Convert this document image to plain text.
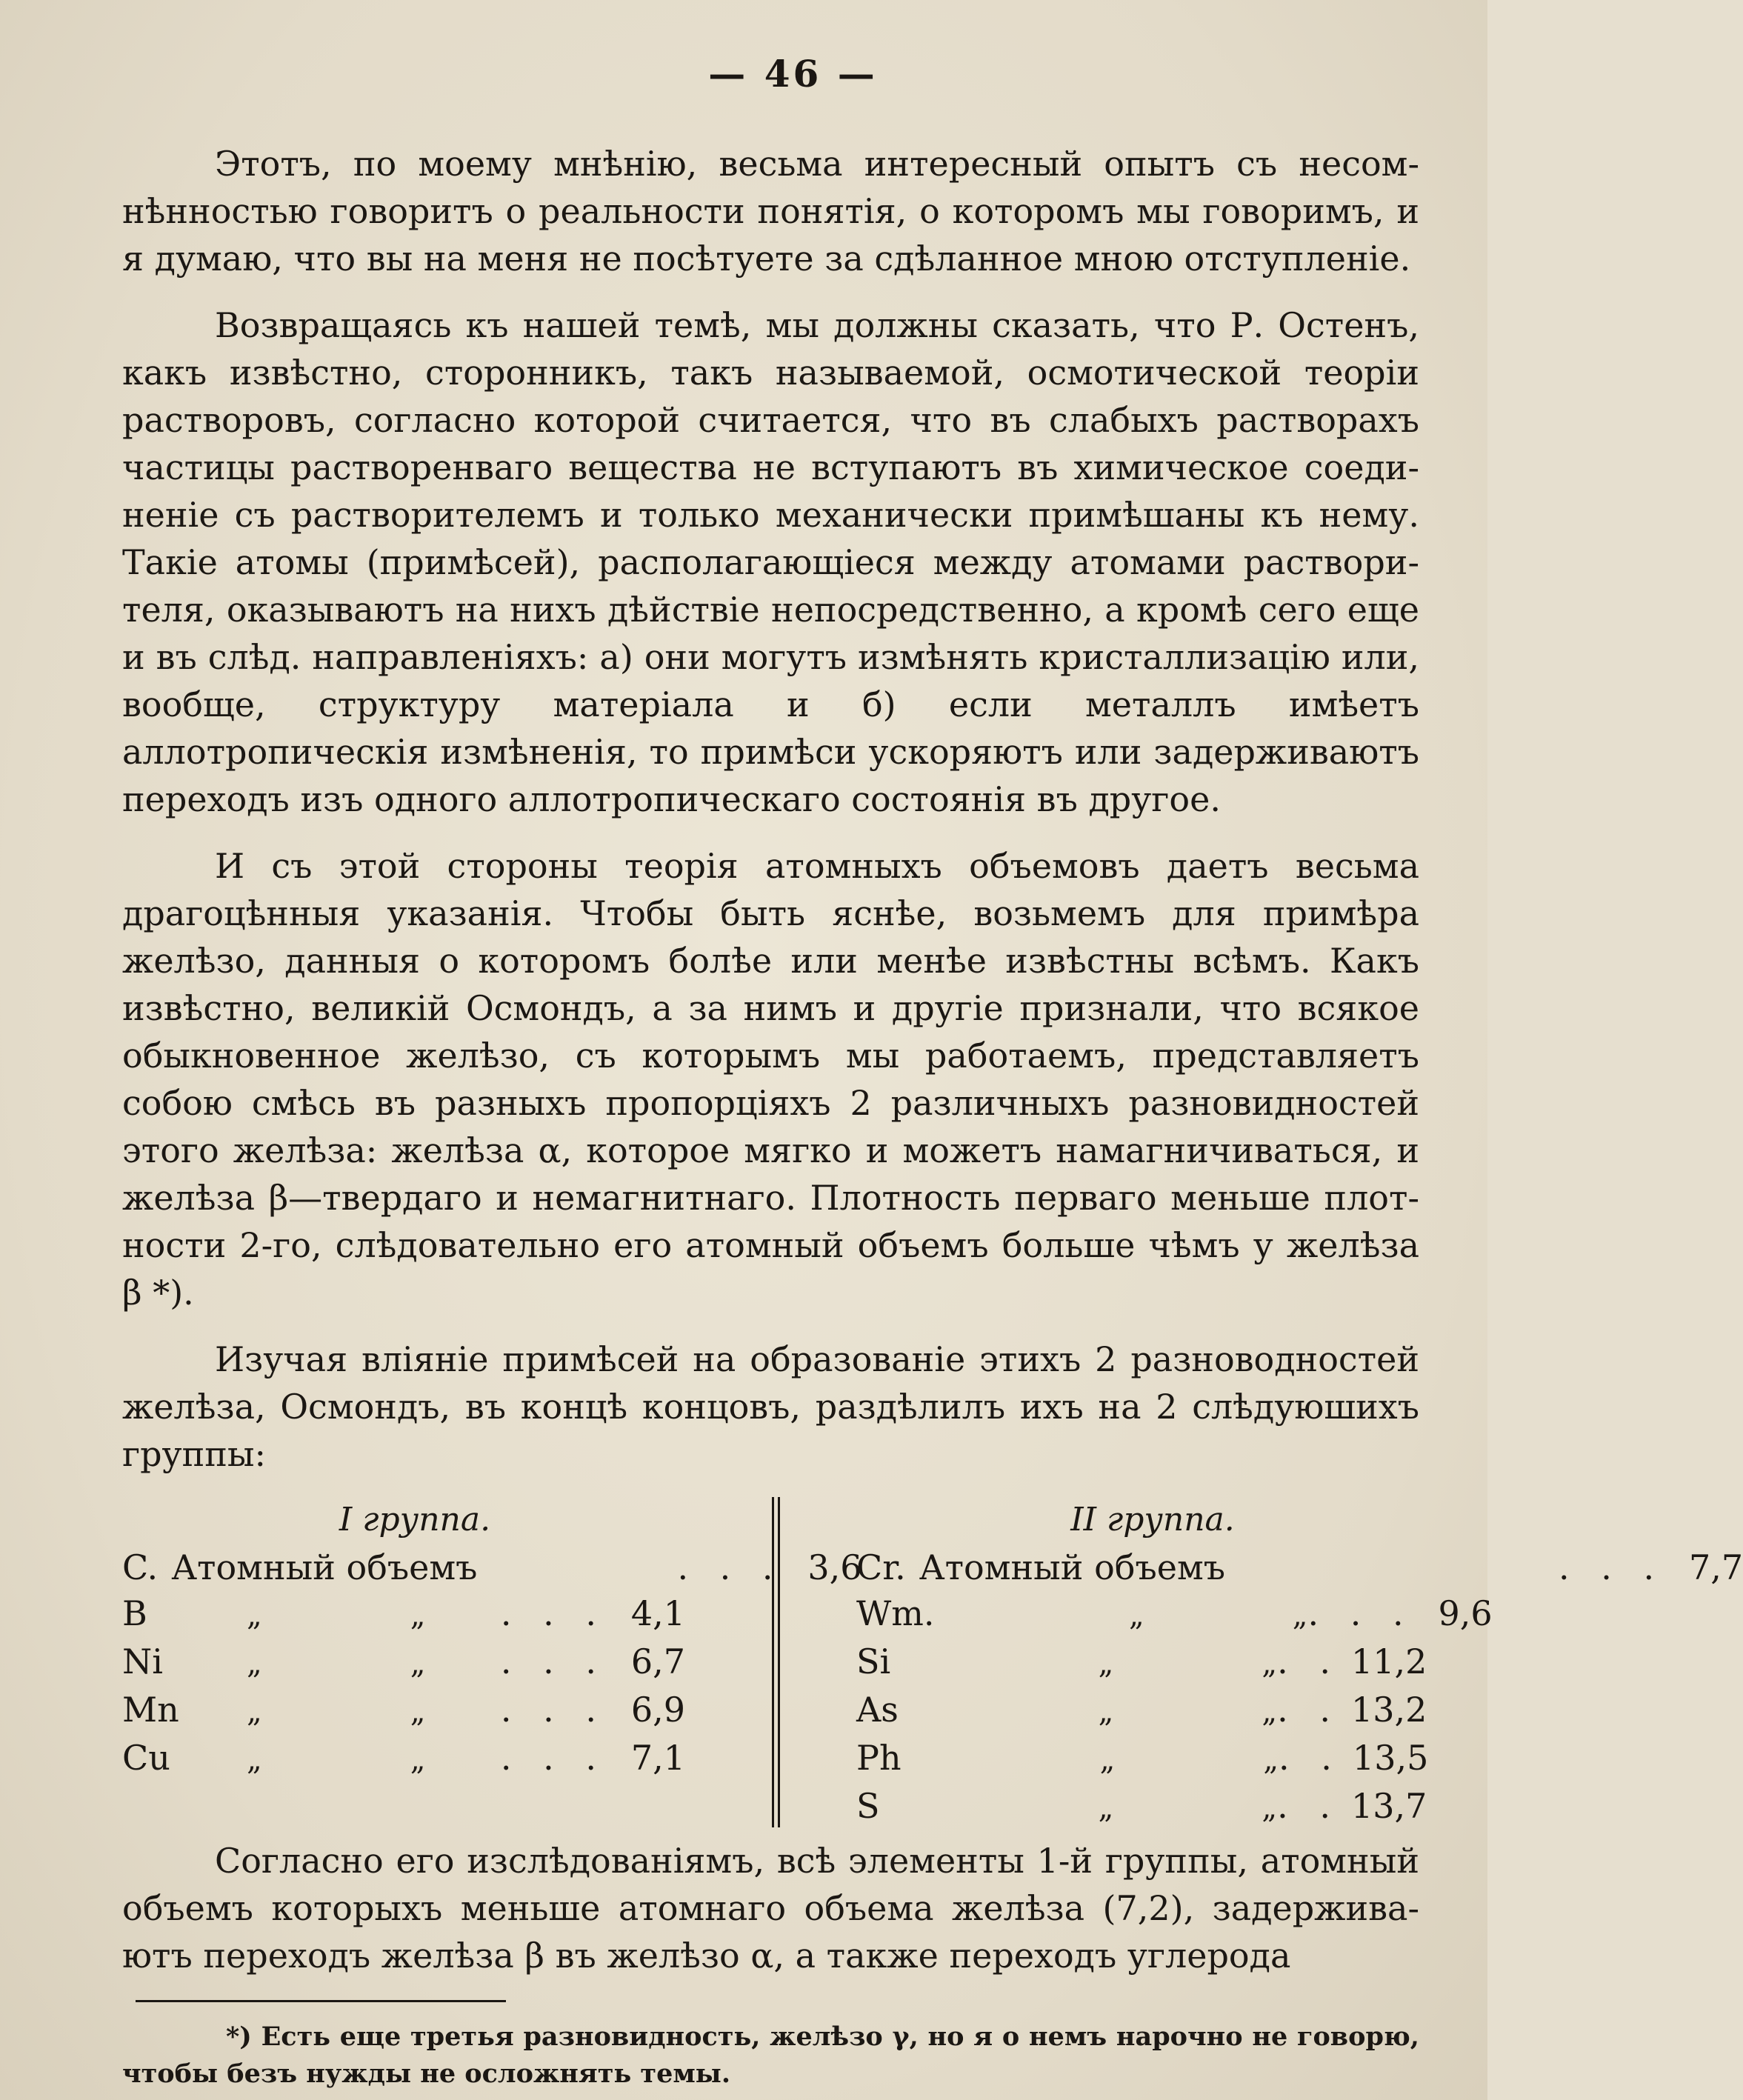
— 46 —

Этотъ, по моему мнѣнію, весьма интересный опытъ съ несомнѣнностью говоритъ о реальности понятія, о которомъ мы говоримъ, и я думаю, что вы на меня не посѣтуете за сдѣланное мною отступленіе.

Возвращаясь къ нашей темѣ, мы должны сказать, что Р. Остенъ, какъ извѣстно, сторонникъ, такъ называемой, осмотической теоріи растворовъ, согласно которой считается, что въ слабыхъ растворахъ частицы растворенваго вещества не вступаютъ въ химическое соединеніе съ растворителемъ и только механически примѣшаны къ нему. Такіе атомы (примѣсей), располагающіеся между атомами растворителя, оказываютъ на нихъ дѣйствіе непосредственно, а кромѣ сего еще и въ слѣд. направленіяхъ: а) они могутъ измѣнять кристаллизацію или, вообще, структуру матеріала и б) если металлъ имѣетъ аллотропическія измѣненія, то примѣси ускоряютъ или задерживаютъ переходъ изъ одного аллотропическаго состоянія въ другое.

И съ этой стороны теорія атомныхъ объемовъ даетъ весьма драгоцѣнныя указанія. Чтобы быть яснѣе, возьмемъ для примѣра желѣзо, данныя о которомъ болѣе или менѣе извѣстны всѣмъ. Какъ извѣстно, великій Осмондъ, а за нимъ и другіе признали, что всякое обыкновенное желѣзо, съ которымъ мы работаемъ, представляетъ собою смѣсь въ разныхъ пропорціяхъ 2 различныхъ разновидностей этого желѣза: желѣза α, которое мягко и можетъ намагничиваться, и желѣза β—твердаго и немагнитнаго. Плотность перваго меньше плотности 2-го, слѣдовательно его атомный объемъ больше чѣмъ у желѣза β *).

Изучая вліяніе примѣсей на образованіе этихъ 2 разноводностей желѣза, Осмондъ, въ концѣ концовъ, раздѣлилъ ихъ на 2 слѣдуюшихъ группы:

I группа.
C. Атомный объемъ	. . . 3,6
B	„	„	. . . 4,1
Ni	„	„	. . . 6,7
Mn „	„	. . . 6,9
Cu	„	„	. . . 7,1
II группа.
Cr. Атомный объемъ	. . . 7,7
Wm.	„	„ . . . 9,6
Si	„	„ . . 11,2
As	„	„ . . 13,2
Ph	„	„ . . 13,5
S	„	„ . . 13,7

Согласно его изслѣдованіямъ, всѣ элементы 1-й группы, атомный объемъ которыхъ меньше атомнаго объема желѣза (7,2), задерживаютъ переходъ желѣза β въ желѣзо α, а также переходъ углерода

*) Есть еще третья разновидность, желѣзо γ, но я о немъ нарочно не говорю, чтобы безъ нужды не осложнять темы.
